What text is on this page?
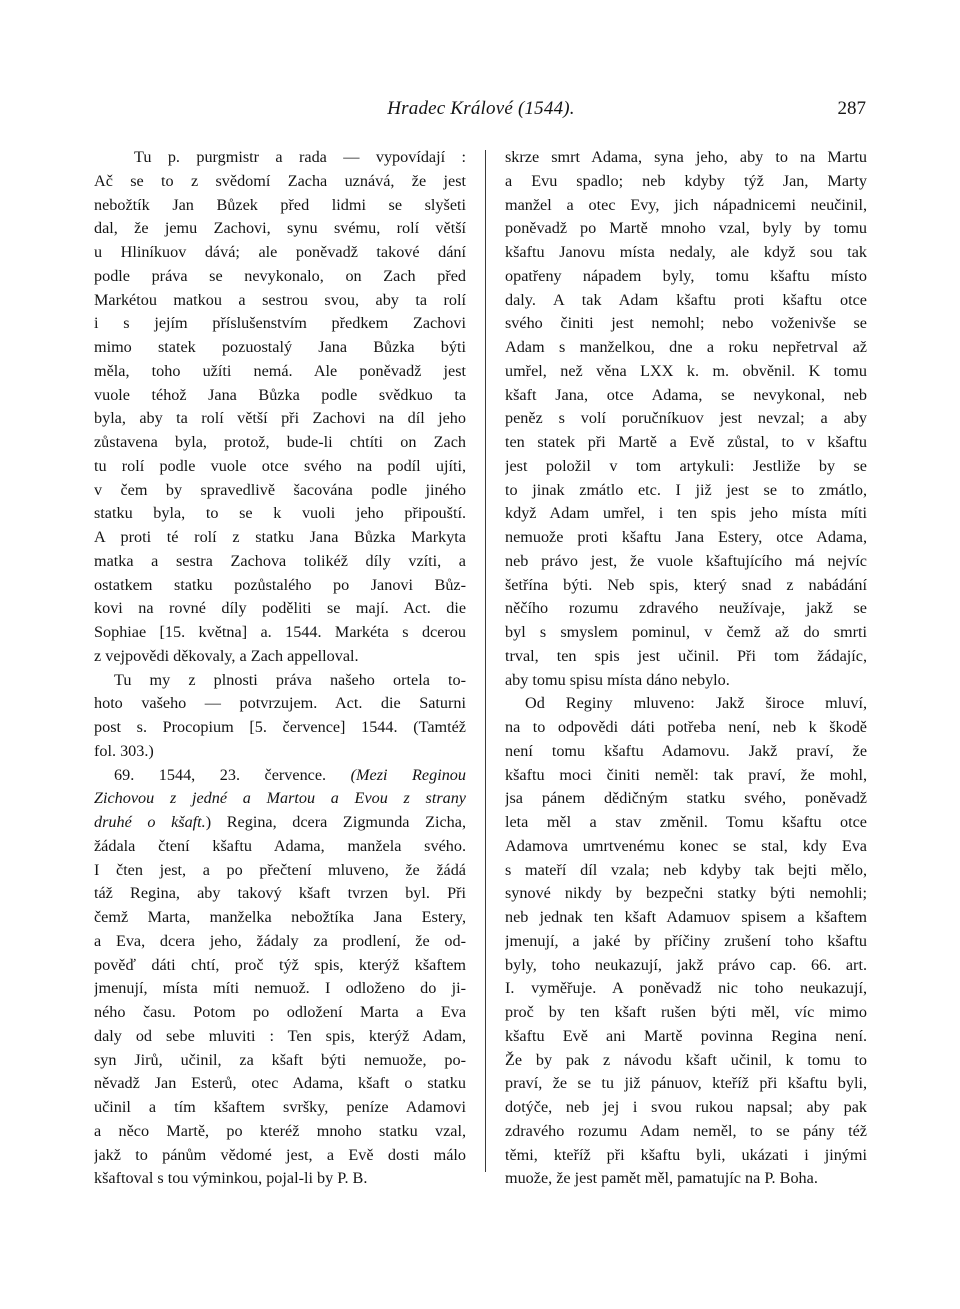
Hradec Králové (1544).	287
Tu p. purgmistr a rada — vypovídají :
Ač se to z svědomí Zacha uznává, že jest
nebožtík Jan Bůzek před lidmi se slyšeti
dal, že jemu Zachovi, synu svému, rolí větší
u Hliníkuov dává; ale poněvadž takové dání
podle práva se nevykonalo, on Zach před
Markétou matkou a sestrou svou, aby ta rolí
i s jejím příslušenstvím předkem Zachovi
mimo statek pozuostalý Jana Bůzka býti
měla, toho užíti nemá. Ale poněvadž jest
vuole téhož Jana Bůzka podle svědkuo ta
byla, aby ta rolí větší při Zachovi na díl jeho
zůstavena byla, protož, bude-li chtíti on Zach
tu rolí podle vuole otce svého na podíl ujíti,
v čem by spravedlivě šacována podle jiného
statku byla, to se k vuoli jeho připouští.
A proti té rolí z statku Jana Bůzka Markyta
matka a sestra Zachova tolikéž díly vzíti, a
ostatkem statku pozůstalého po Janovi Bůz-
kovi na rovné díly poděliti se mají. Act. die
Sophiae [15. května] a. 1544. Markéta s dcerou
z vejpovědi děkovaly, a Zach appelloval.
Tu my z plnosti práva našeho ortela to-
hoto vašeho — potvrzujem. Act. die Saturni
post s. Procopium [5. července] 1544. (Tamtéž
fol. 303.)
69. 1544, 23. července. (Mezi Reginou
Zichovou z jedné a Martou a Evou z strany
druhé o kšaft.) Regina, dcera Zigmunda Zicha,
žádala čtení kšaftu Adama, manžela svého.
I čten jest, a po přečtení mluveno, že žádá
táž Regina, aby takový kšaft tvrzen byl. Při
čemž Marta, manželka nebožtíka Jana Estery,
a Eva, dcera jeho, žádaly za prodlení, že od-
pověď dáti chtí, proč týž spis, kterýž kšaftem
jmenují, místa míti nemuož. I odloženo do ji-
ného času. Potom po odložení Marta a Eva
daly od sebe mluviti : Ten spis, kterýž Adam,
syn Jirů, učinil, za kšaft býti nemuože, po-
něvadž Jan Esterů, otec Adama, kšaft o statku
učinil a tím kšaftem svršky, peníze Adamovi
a něco Martě, po kteréž mnoho statku vzal,
jakž to pánům vědomé jest, a Evě dosti málo
kšaftoval s tou výminkou, pojal-li by P. B.
skrze smrt Adama, syna jeho, aby to na Martu
a Evu spadlo; neb kdyby týž Jan, Marty
manžel a otec Evy, jich nápadnicemi neučinil,
poněvadž po Martě mnoho vzal, byly by tomu
kšaftu Janovu místa nedaly, ale když sou tak
opatřeny nápadem byly, tomu kšaftu místo
daly. A tak Adam kšaftu proti kšaftu otce
svého činiti jest nemohl; nebo voženivše se
Adam s manželkou, dne a roku nepřetrval až
umřel, než věna LXX k. m. obvěnil. K tomu
kšaft Jana, otce Adama, se nevykonal, neb
peněz s volí poručníkuov jest nevzal; a aby
ten statek při Martě a Evě zůstal, to v kšaftu
jest položil v tom artykuli: Jestliže by se
to jinak zmátlo etc. I již jest se to zmátlo,
když Adam umřel, i ten spis jeho místa míti
nemuože proti kšaftu Jana Estery, otce Adama,
neb právo jest, že vuole kšaftujícího má nejvíc
šetřína býti. Neb spis, který snad z nabádání
něčího rozumu zdravého neužívaje, jakž se
byl s smyslem pominul, v čemž až do smrti
trval, ten spis jest učinil. Při tom žádajíc,
aby tomu spisu místa dáno nebylo.
Od Reginy mluveno: Jakž široce mluví,
na to odpovědi dáti potřeba není, neb k škodě
není tomu kšaftu Adamovu. Jakž praví, že
kšaftu moci činiti neměl: tak praví, že mohl,
jsa pánem dědičným statku svého, poněvadž
leta měl a stav změnil. Tomu kšaftu otce
Adamova umrtvenému konec se stal, kdy Eva
s mateří díl vzala; neb kdyby tak bejti mělo,
synové nikdy by bezpečni statky býti nemohli;
neb jednak ten kšaft Adamuov spisem a kšaftem
jmenují, a jaké by příčiny zrušení toho kšaftu
byly, toho neukazují, jakž právo cap. 66. art.
I. vyměřuje. A poněvadž nic toho neukazují,
proč by ten kšaft rušen býti měl, víc mimo
kšaftu Evě ani Martě povinna Regina není.
Že by pak z návodu kšaft učinil, k tomu to
praví, že se tu již pánuov, kteříž při kšaftu byli,
dotýče, neb jej i svou rukou napsal; aby pak
zdravého rozumu Adam neměl, to se pány též
těmi, kteříž při kšaftu byli, ukázati i jinými
muože, že jest pamět měl, pamatujíc na P. Boha.
